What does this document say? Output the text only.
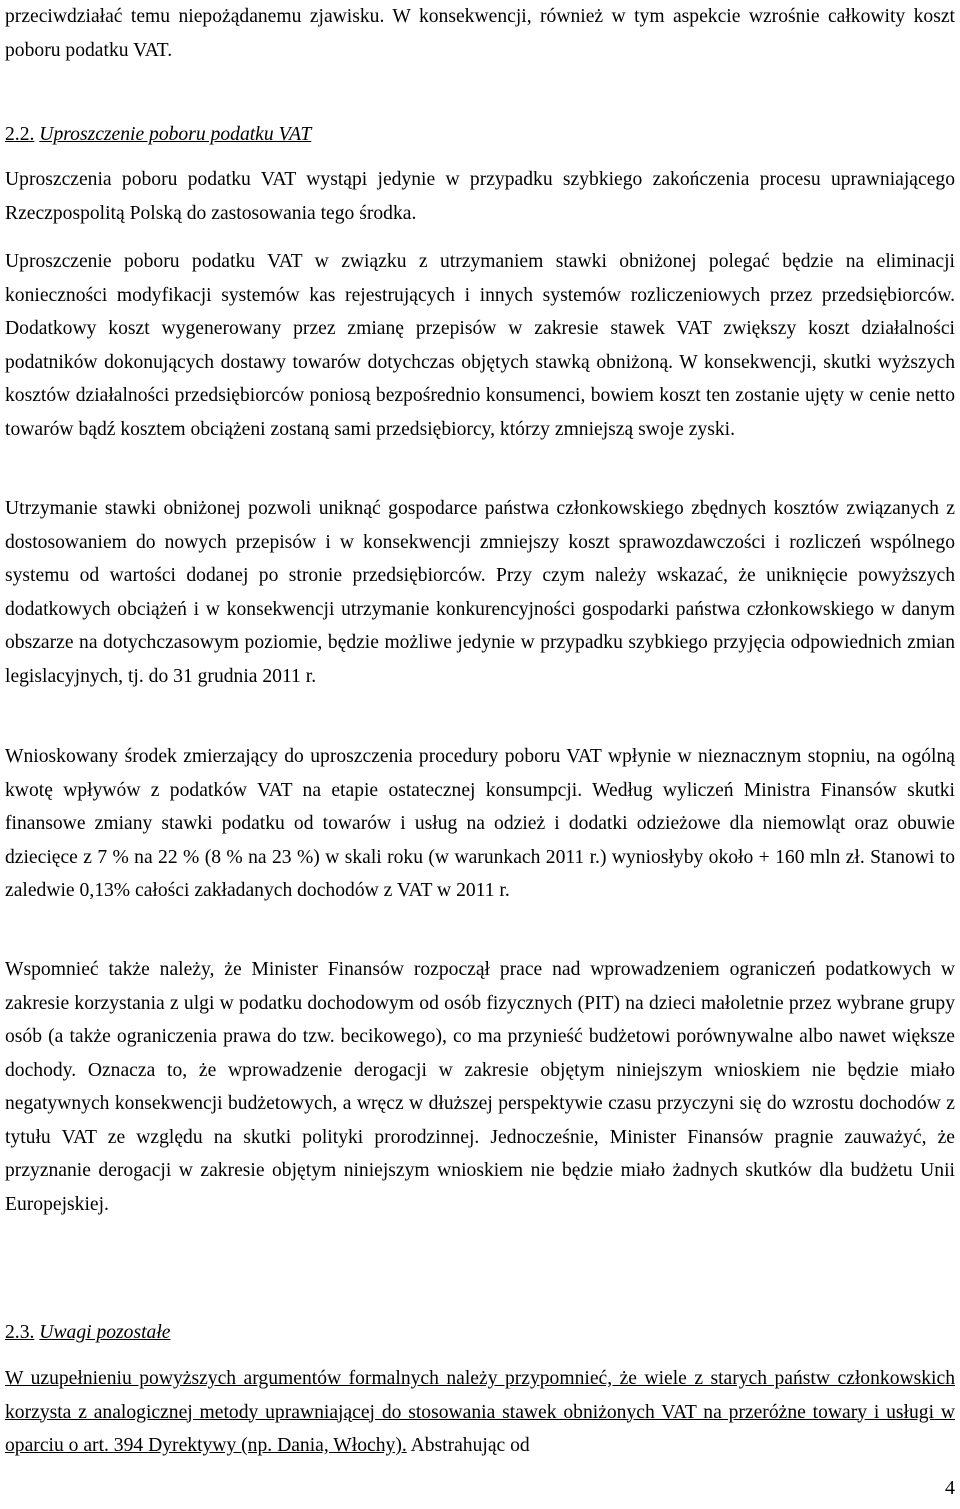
przeciwdziałać temu niepożądanemu zjawisku. W konsekwencji, również w tym aspekcie wzrośnie całkowity koszt poboru podatku VAT.

2.2. Uproszczenie poboru podatku VAT

Uproszczenia poboru podatku VAT wystąpi jedynie w przypadku szybkiego zakończenia procesu uprawniającego Rzeczpospolitą Polską do zastosowania tego środka.

Uproszczenie poboru podatku VAT w związku z utrzymaniem stawki obniżonej polegać będzie na eliminacji konieczności modyfikacji systemów kas rejestrujących i innych systemów rozliczeniowych przez przedsiębiorców. Dodatkowy koszt wygenerowany przez zmianę przepisów w zakresie stawek VAT zwiększy koszt działalności podatników dokonujących dostawy towarów dotychczas objętych stawką obniżoną. W konsekwencji, skutki wyższych kosztów działalności przedsiębiorców poniosą bezpośrednio konsumenci, bowiem koszt ten zostanie ujęty w cenie netto towarów bądź kosztem obciążeni zostaną sami przedsiębiorcy, którzy zmniejszą swoje zyski.

Utrzymanie stawki obniżonej pozwoli uniknąć gospodarce państwa członkowskiego zbędnych kosztów związanych z dostosowaniem do nowych przepisów i w konsekwencji zmniejszy koszt sprawozdawczości i rozliczeń wspólnego systemu od wartości dodanej po stronie przedsiębiorców. Przy czym należy wskazać, że uniknięcie powyższych dodatkowych obciążeń i w konsekwencji utrzymanie konkurencyjności gospodarki państwa członkowskiego w danym obszarze na dotychczasowym poziomie, będzie możliwe jedynie w przypadku szybkiego przyjęcia odpowiednich zmian legislacyjnych, tj. do 31 grudnia 2011 r.

Wnioskowany środek zmierzający do uproszczenia procedury poboru VAT wpłynie w nieznacznym stopniu, na ogólną kwotę wpływów z podatków VAT na etapie ostatecznej konsumpcji. Według wyliczeń Ministra Finansów skutki finansowe zmiany stawki podatku od towarów i usług na odzież i dodatki odzieżowe dla niemowląt oraz obuwie dziecięce z 7 % na 22 % (8 % na 23 %) w skali roku (w warunkach 2011 r.) wyniosłyby około + 160 mln zł. Stanowi to zaledwie 0,13% całości zakładanych dochodów z VAT w 2011 r.

Wspomnieć także należy, że Minister Finansów rozpoczął prace nad wprowadzeniem ograniczeń podatkowych w zakresie korzystania z ulgi w podatku dochodowym od osób fizycznych (PIT) na dzieci małoletnie przez wybrane grupy osób (a także ograniczenia prawa do tzw. becikowego), co ma przynieść budżetowi porównywalne albo nawet większe dochody. Oznacza to, że wprowadzenie derogacji w zakresie objętym niniejszym wnioskiem nie będzie miało negatywnych konsekwencji budżetowych, a wręcz w dłuższej perspektywie czasu przyczyni się do wzrostu dochodów z tytułu VAT ze względu na skutki polityki prorodzinnej. Jednocześnie, Minister Finansów pragnie zauważyć, że przyznanie derogacji w zakresie objętym niniejszym wnioskiem nie będzie miało żadnych skutków dla budżetu Unii Europejskiej.

2.3. Uwagi pozostałe

W uzupełnieniu powyższych argumentów formalnych należy przypomnieć, że wiele z starych państw członkowskich korzysta z analogicznej metody uprawniającej do stosowania stawek obniżonych VAT na przeróżne towary i usługi w oparciu o art. 394 Dyrektywy (np. Dania, Włochy). Abstrahując od

4
